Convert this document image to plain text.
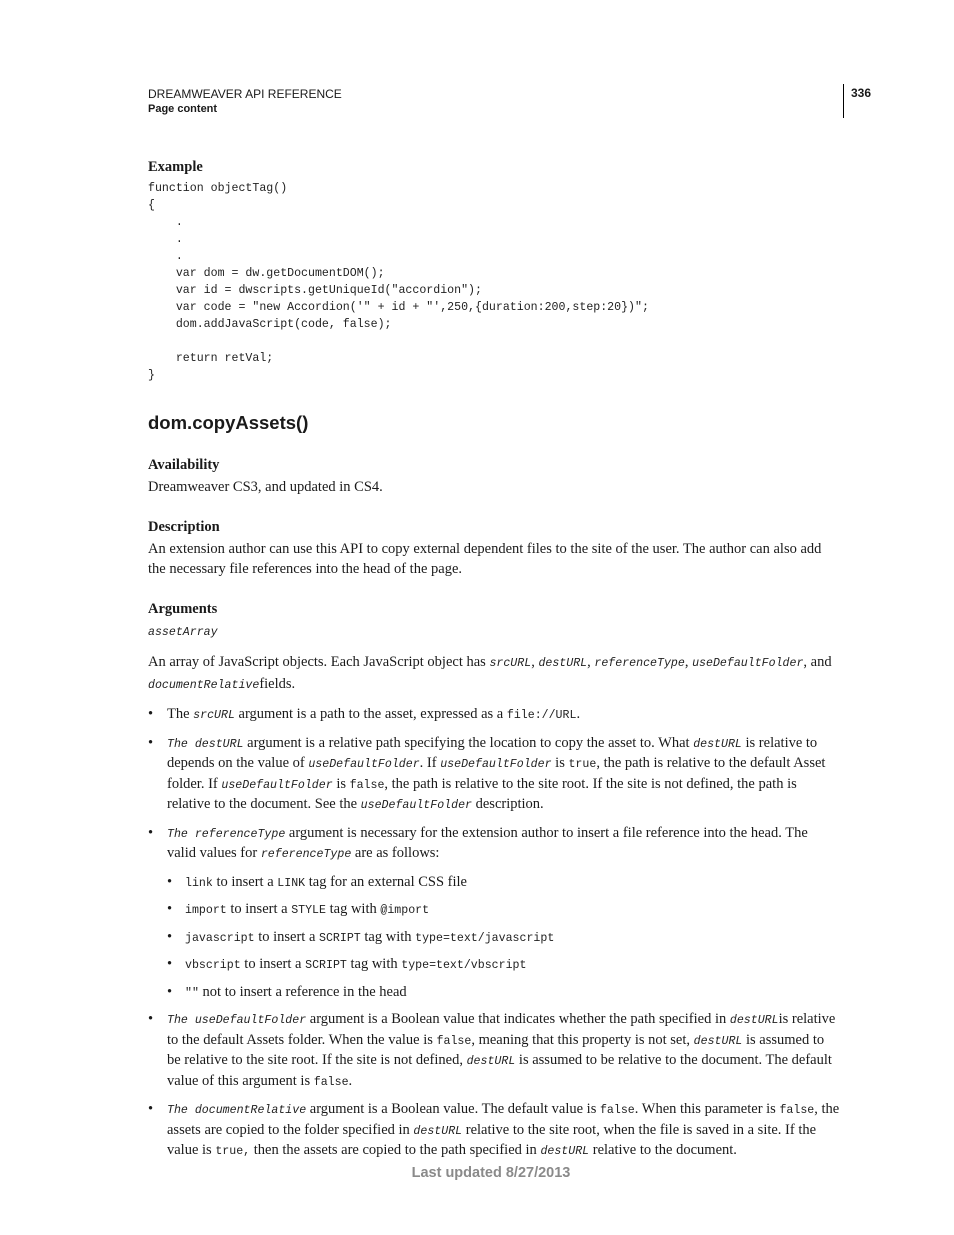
DREAMWEAVER API REFERENCE
Page content
336
Example
function objectTag()
{
.
.
.
var dom = dw.getDocumentDOM();
var id = dwscripts.getUniqueId("accordion");
var code = "new Accordion('" + id + "',250,{duration:200,step:20})";
dom.addJavaScript(code, false);

return retVal;
}
dom.copyAssets()
Availability

Dreamweaver CS3, and updated in CS4.

Description

An extension author can use this API to copy external dependent files to the site of the user. The author can also add the necessary file references into the head of the page.

Arguments

assetArray

An array of JavaScript objects. Each JavaScript object has srcURL, destURL, referenceType, useDefaultFolder, and documentRelativefields.

• The srcURL argument is a path to the asset, expressed as a file://URL.
• The destURL argument is a relative path specifying the location to copy the asset to. What destURL is relative to depends on the value of useDefaultFolder. If useDefaultFolder is true, the path is relative to the default Asset folder. If useDefaultFolder is false, the path is relative to the site root. If the site is not defined, the path is relative to the document. See the useDefaultFolder description.
• The referenceType argument is necessary for the extension author to insert a file reference into the head. The valid values for referenceType are as follows:
• link to insert a LINK tag for an external CSS file
• import to insert a STYLE tag with @import
• javascript to insert a SCRIPT tag with type=text/javascript
• vbscript to insert a SCRIPT tag with type=text/vbscript
• "" not to insert a reference in the head
• The useDefaultFolder argument is a Boolean value that indicates whether the path specified in destURLis relative to the default Assets folder. When the value is false, meaning that this property is not set, destURL is assumed to be relative to the site root. If the site is not defined, destURL is assumed to be relative to the document. The default value of this argument is false.
• The documentRelative argument is a Boolean value. The default value is false. When this parameter is false, the assets are copied to the folder specified in destURL relative to the site root, when the file is saved in a site. If the value is true, then the assets are copied to the path specified in destURL relative to the document.
Last updated 8/27/2013
